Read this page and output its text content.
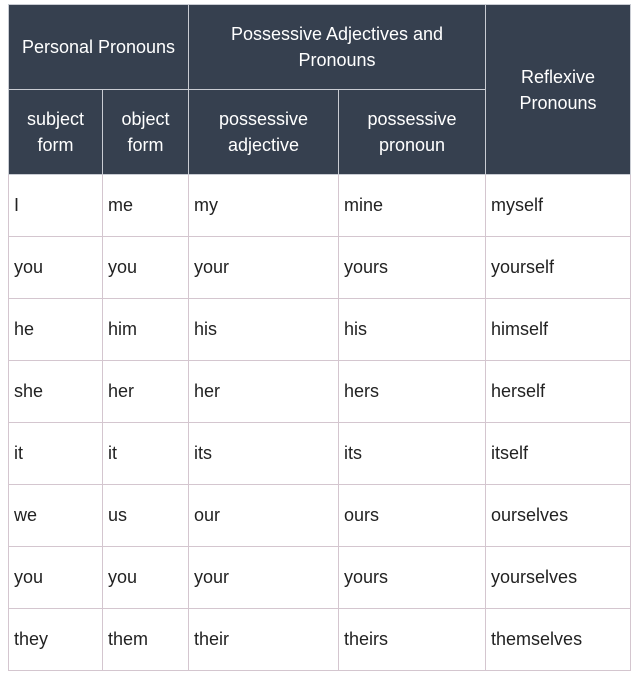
Personal Pronouns		Possessive Adjectives and Pronouns		Reflexive Pronouns
subject form	object form	possessive adjective	possessive pronoun	
I	me	my	mine	myself
you	you	your	yours	yourself
he	him	his	his	himself
she	her	her	hers	herself
it	it	its	its	itself
we	us	our	ours	ourselves
you	you	your	yours	yourselves
they	them	their	theirs	themselves
